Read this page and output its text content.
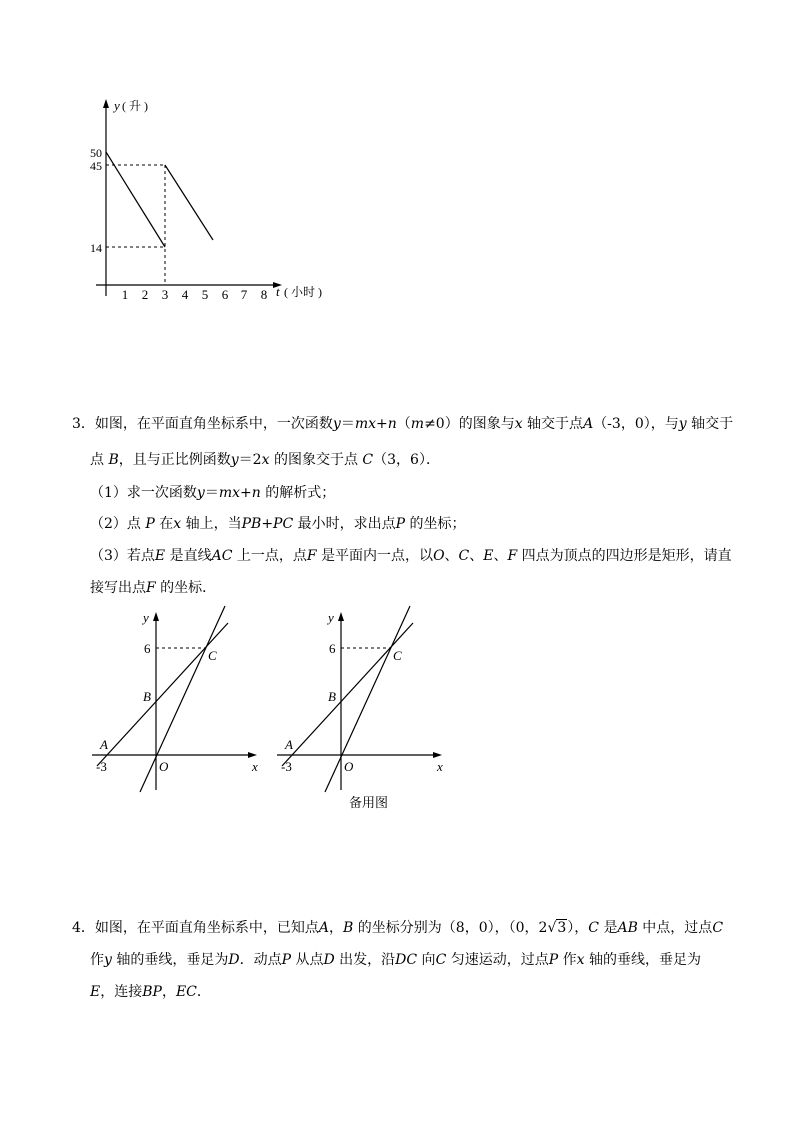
y ( 升 )
50
45
14
1 2 3 4 5 6 7 8 t ( 小时 )
3．如图，在平面直角坐标系中，一次函数y＝mx+n（m≠0）的图象与x 轴交于点A（-3，0），与y 轴交于
点 B，且与正比例函数y＝2x 的图象交于点 C（3，6）．
（1）求一次函数y＝mx+n 的解析式；
（2）点 P 在x 轴上，当PB+PC 最小时，求出点P 的坐标；
（3）若点E 是直线AC 上一点，点F 是平面内一点，以O、C、E、F 四点为顶点的四边形是矩形，请直
接写出点F 的坐标．
y
6	C
B
A
-3	O	x
y
6	C
B
A
-3	O	x
备用图
4．如图，在平面直角坐标系中，已知点A，B 的坐标分别为（8，0），（0，2√3），C 是AB 中点，过点C
作y 轴的垂线，垂足为D．动点P 从点D 出发，沿DC 向C 匀速运动，过点P 作x 轴的垂线，垂足为
E，连接BP，EC．
